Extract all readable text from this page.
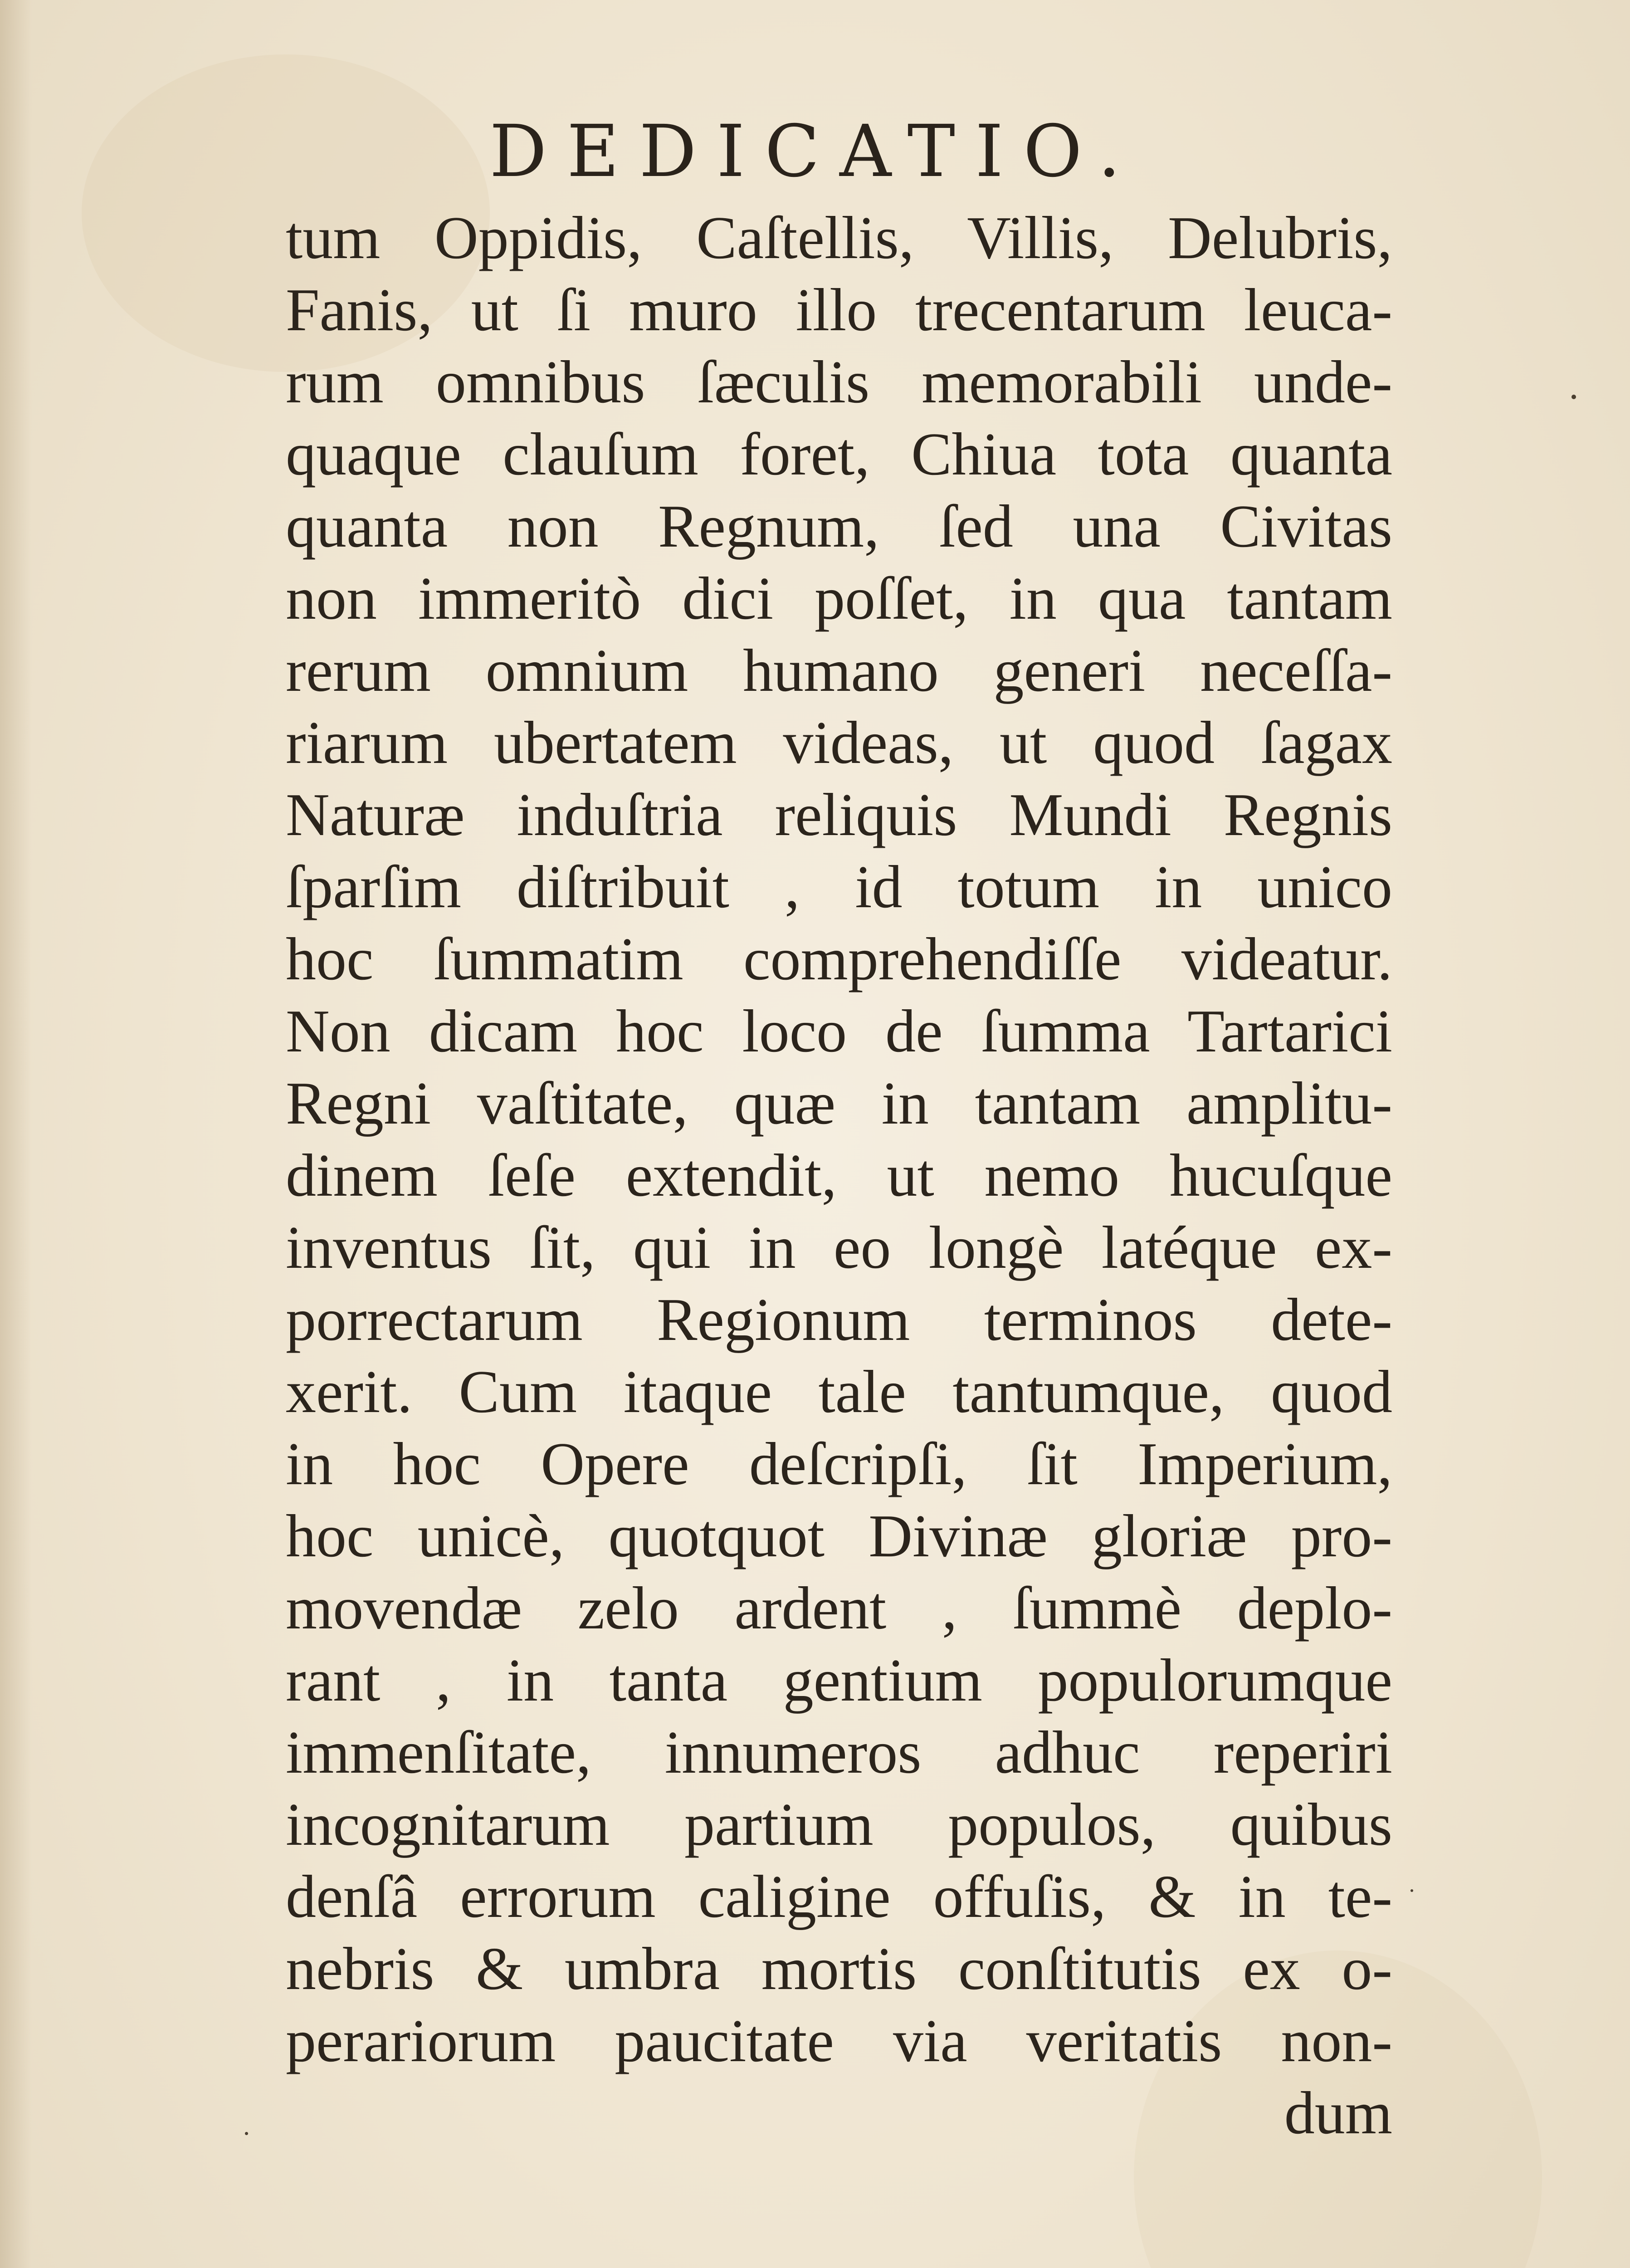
DEDICATIO.
tum Oppidis, Caſtellis, Villis, Delubris,
Fanis, ut ſi muro illo trecentarum leuca-
rum omnibus ſæculis memorabili unde-
quaque clauſum foret, Chiua tota quanta
quanta non Regnum, ſed una Civitas
non immeritò dici poſſet, in qua tantam
rerum omnium humano generi neceſſa-
riarum ubertatem videas, ut quod ſagax
Naturæ induſtria reliquis Mundi Regnis
ſparſim diſtribuit , id totum in unico
hoc ſummatim comprehendiſſe videatur.
Non dicam hoc loco de ſumma Tartarici
Regni vaſtitate, quæ in tantam amplitu-
dinem ſeſe extendit, ut nemo hucuſque
inventus ſit, qui in eo longè latéque ex-
porrectarum Regionum terminos dete-
xerit. Cum itaque tale tantumque, quod
in hoc Opere deſcripſi, ſit Imperium,
hoc unicè, quotquot Divinæ gloriæ pro-
movendæ zelo ardent , ſummè deplo-
rant , in tanta gentium populorumque
immenſitate, innumeros adhuc reperiri
incognitarum partium populos, quibus
denſâ errorum caligine offuſis, & in te-
nebris & umbra mortis conſtitutis ex o-
perariorum paucitate via veritatis non-
dum
